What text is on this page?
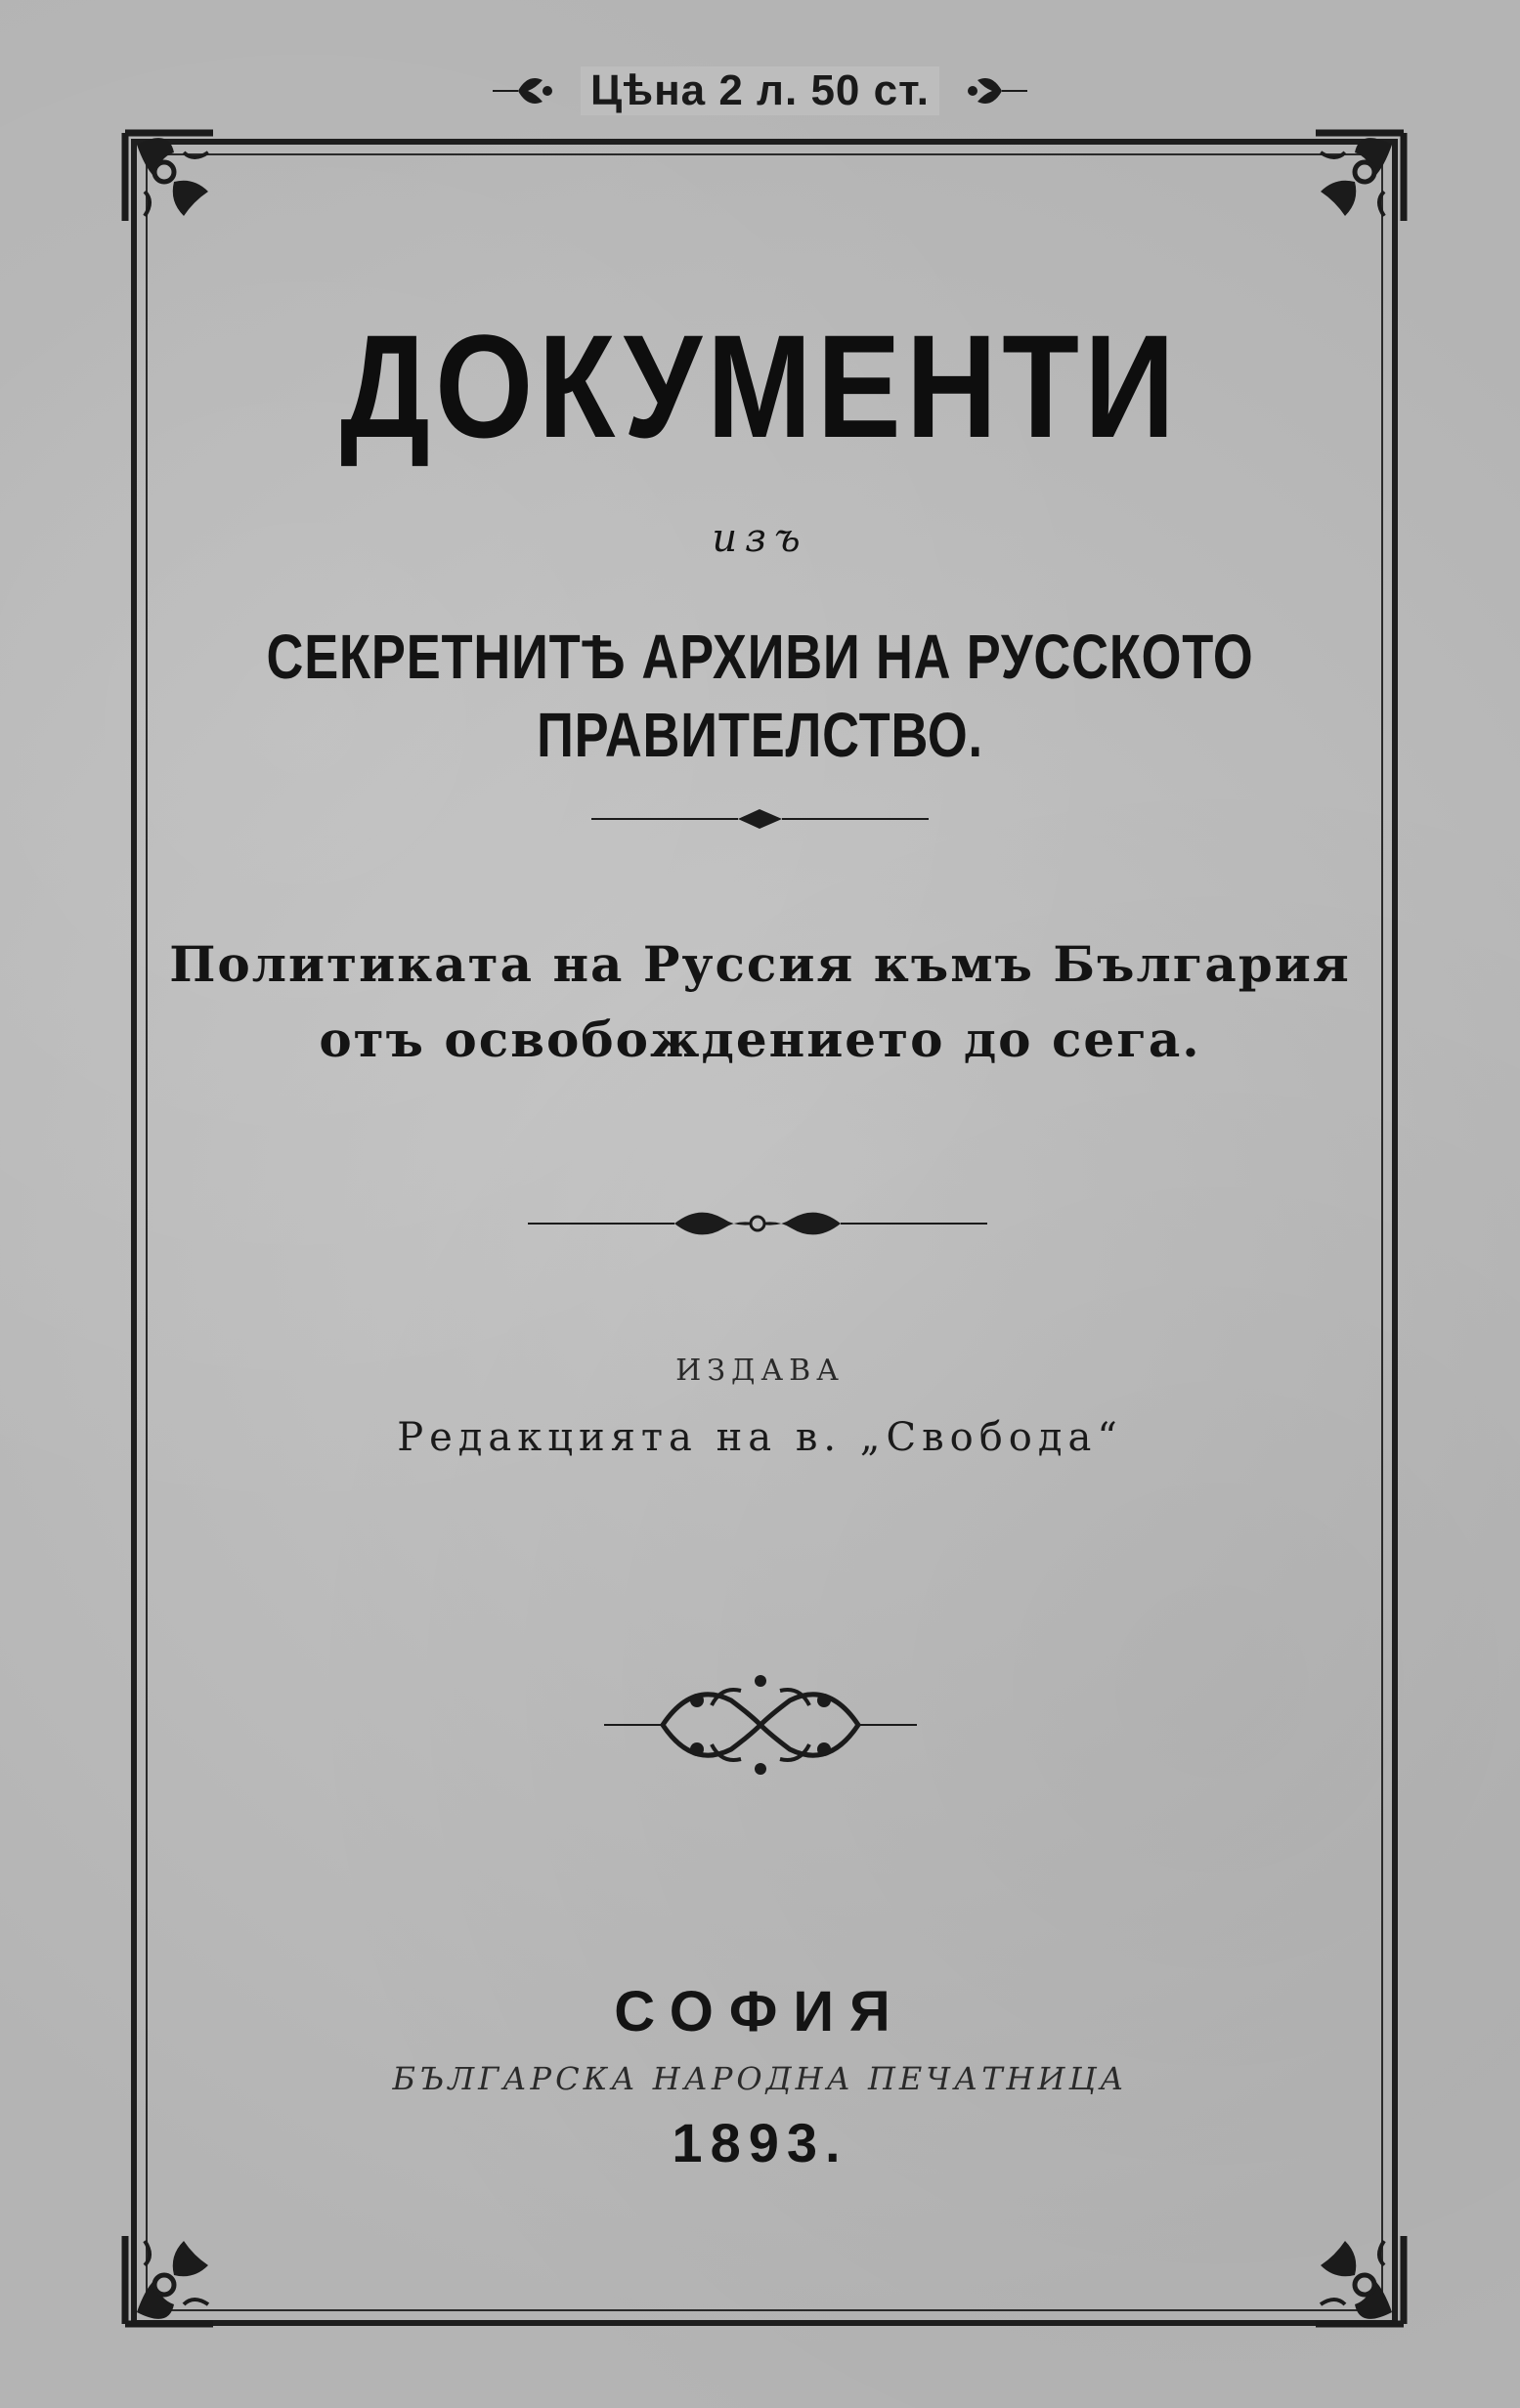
Цѣна 2 л. 50 ст.
ДОКУМЕНТИ
изъ
СЕКРЕТНИТѢ АРХИВИ НА РУССКОТО ПРАВИТЕЛСТВО.
Политиката на Руссия къмъ България
отъ освобождението до сега.
ИЗДАВА
Редакцията на в. „Свобода“
СОФИЯ
БЪЛГАРСКА НАРОДНА ПЕЧАТНИЦА
1893.
